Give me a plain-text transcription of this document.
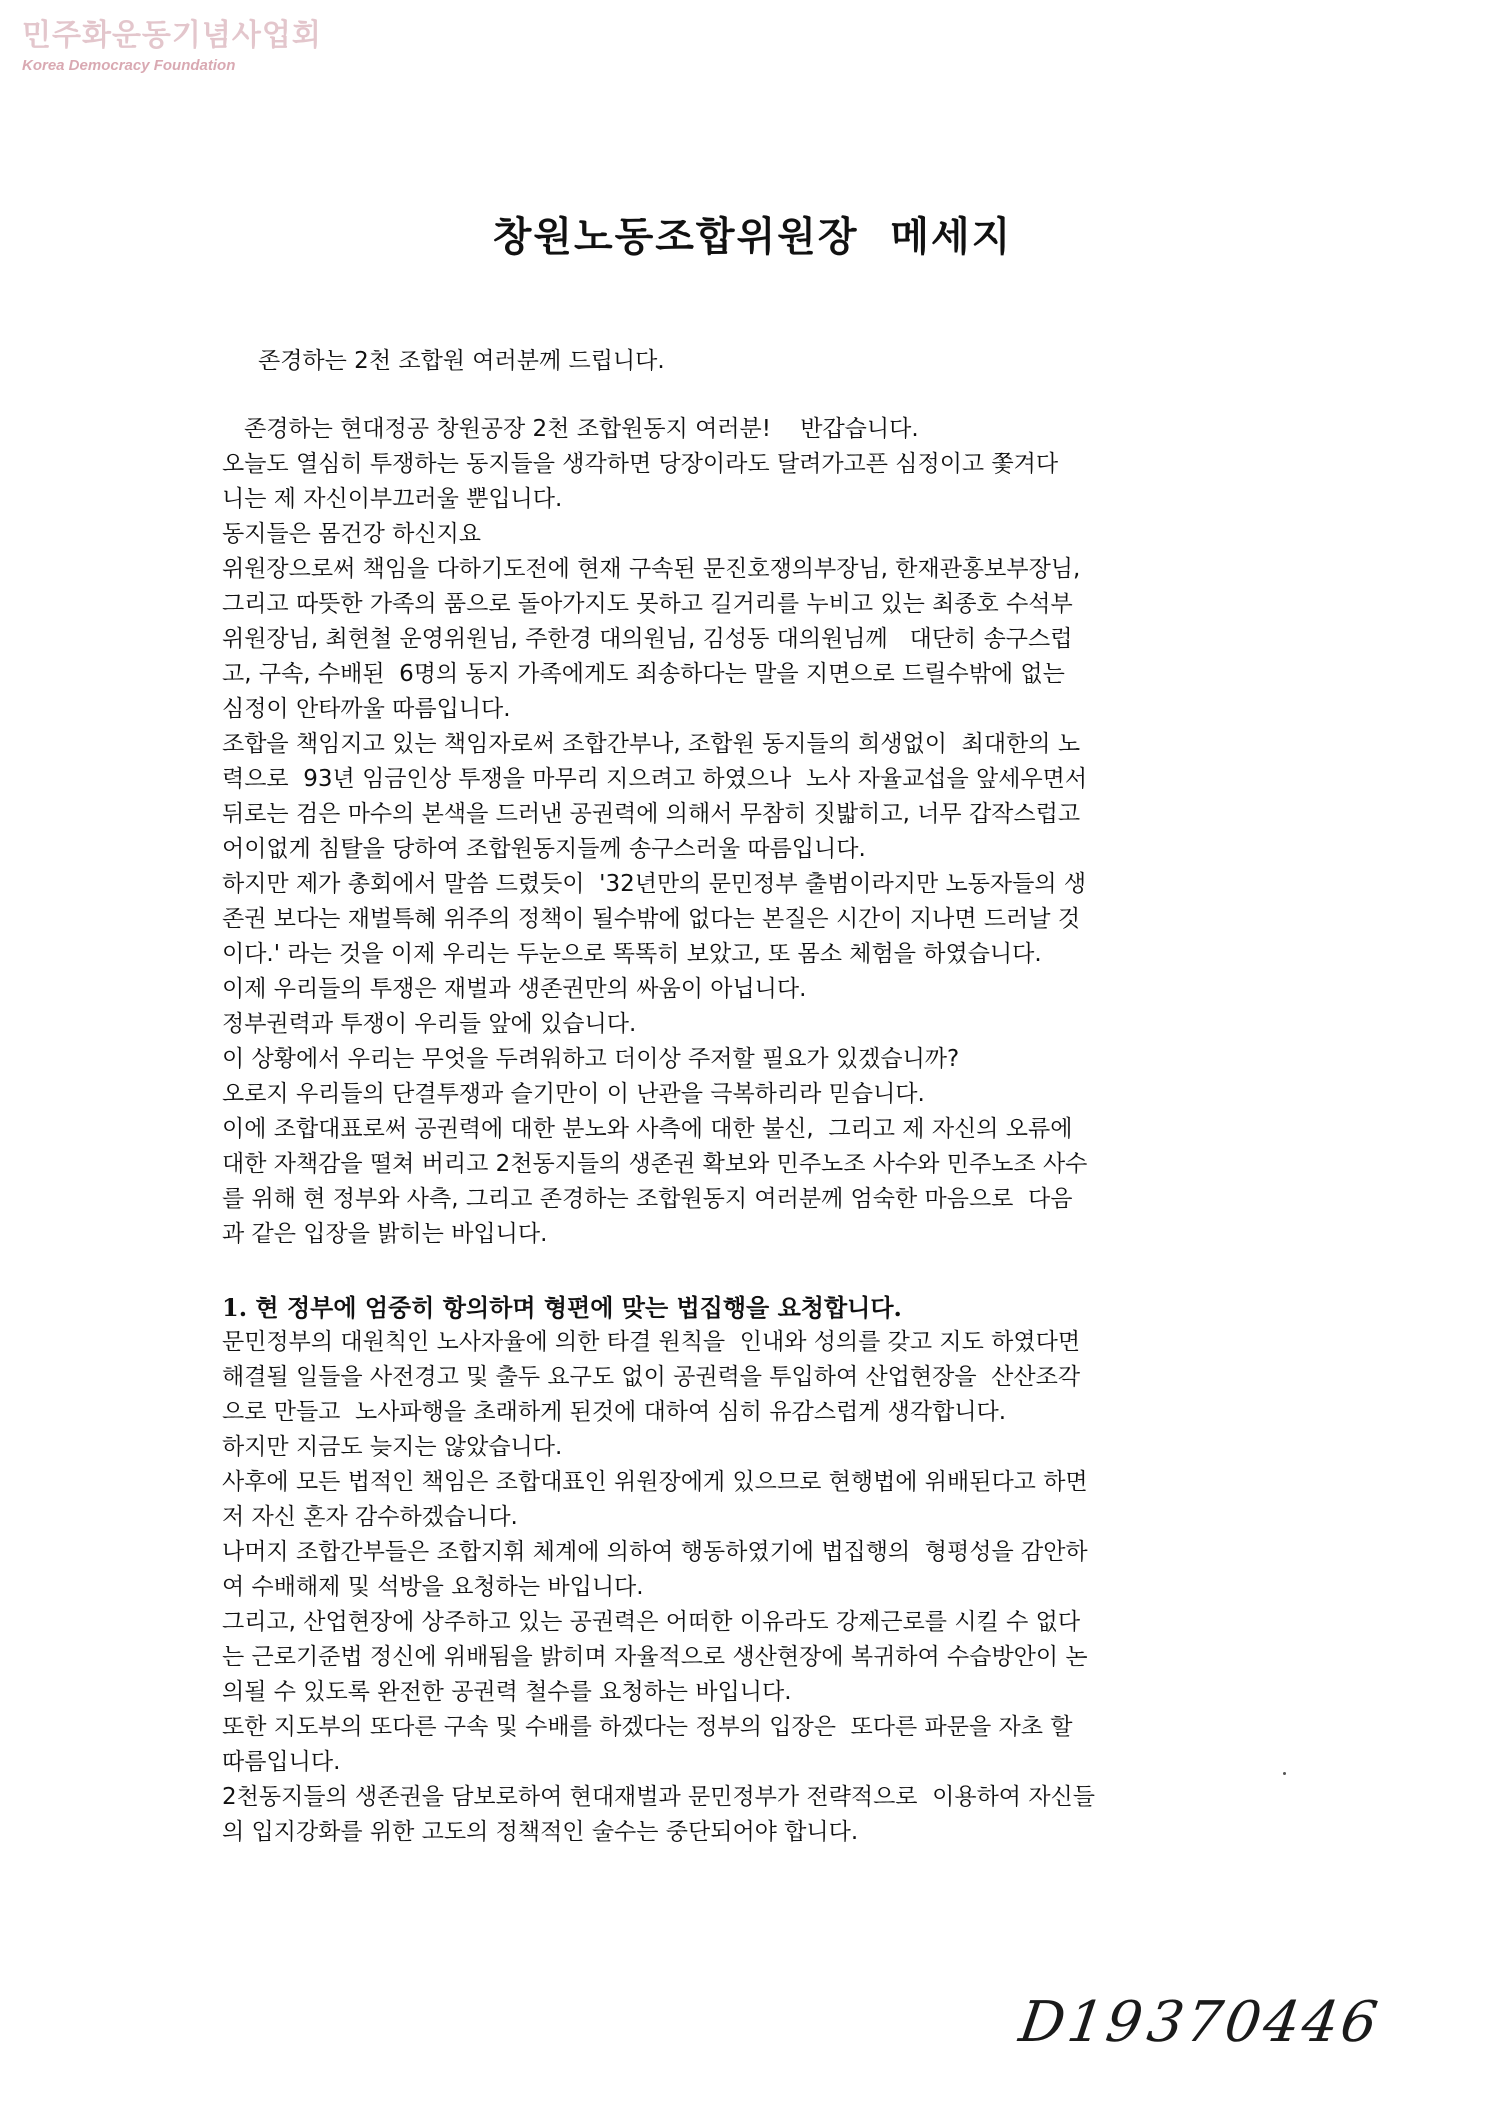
민주화운동기념사업회
Korea Democracy Foundation
창원노동조합위원장  메세지
존경하는 2천 조합원 여러분께 드립니다.
존경하는 현대정공 창원공장 2천 조합원동지 여러분!    반갑습니다.
오늘도 열심히 투쟁하는 동지들을 생각하면 당장이라도 달려가고픈 심정이고 쫓겨다
니는 제 자신이부끄러울 뿐입니다.
동지들은 몸건강 하신지요
위원장으로써 책임을 다하기도전에 현재 구속된 문진호쟁의부장님, 한재관홍보부장님,
그리고 따뜻한 가족의 품으로 돌아가지도 못하고 길거리를 누비고 있는 최종호 수석부
위원장님, 최현철 운영위원님, 주한경 대의원님, 김성동 대의원님께   대단히 송구스럽
고, 구속, 수배된  6명의 동지 가족에게도 죄송하다는 말을 지면으로 드릴수밖에 없는
심정이 안타까울 따름입니다.
조합을 책임지고 있는 책임자로써 조합간부나, 조합원 동지들의 희생없이  최대한의 노
력으로  93년 임금인상 투쟁을 마무리 지으려고 하였으나  노사 자율교섭을 앞세우면서
뒤로는 검은 마수의 본색을 드러낸 공권력에 의해서 무참히 짓밟히고, 너무 갑작스럽고
어이없게 침탈을 당하여 조합원동지들께 송구스러울 따름입니다.
하지만 제가 총회에서 말씀 드렸듯이  '32년만의 문민정부 출범이라지만 노동자들의 생
존권 보다는 재벌특혜 위주의 정책이 될수밖에 없다는 본질은 시간이 지나면 드러날 것
이다.' 라는 것을 이제 우리는 두눈으로 똑똑히 보았고, 또 몸소 체험을 하였습니다.
이제 우리들의 투쟁은 재벌과 생존권만의 싸움이 아닙니다.
정부권력과 투쟁이 우리들 앞에 있습니다.
이 상황에서 우리는 무엇을 두려워하고 더이상 주저할 필요가 있겠습니까?
오로지 우리들의 단결투쟁과 슬기만이 이 난관을 극복하리라 믿습니다.
이에 조합대표로써 공권력에 대한 분노와 사측에 대한 불신,  그리고 제 자신의 오류에
대한 자책감을 떨쳐 버리고 2천동지들의 생존권 확보와 민주노조 사수와 민주노조 사수
를 위해 현 정부와 사측, 그리고 존경하는 조합원동지 여러분께 엄숙한 마음으로  다음
과 같은 입장을 밝히는 바입니다.
1. 현 정부에 엄중히 항의하며 형편에 맞는 법집행을 요청합니다.
문민정부의 대원칙인 노사자율에 의한 타결 원칙을  인내와 성의를 갖고 지도 하였다면
해결될 일들을 사전경고 및 출두 요구도 없이 공권력을 투입하여 산업현장을  산산조각
으로 만들고  노사파행을 초래하게 된것에 대하여 심히 유감스럽게 생각합니다.
하지만 지금도 늦지는 않았습니다.
사후에 모든 법적인 책임은 조합대표인 위원장에게 있으므로 현행법에 위배된다고 하면
저 자신 혼자 감수하겠습니다.
나머지 조합간부들은 조합지휘 체계에 의하여 행동하였기에 법집행의  형평성을 감안하
여 수배해제 및 석방을 요청하는 바입니다.
그리고, 산업현장에 상주하고 있는 공권력은 어떠한 이유라도 강제근로를 시킬 수 없다
는 근로기준법 정신에 위배됨을 밝히며 자율적으로 생산현장에 복귀하여 수습방안이 논
의될 수 있도록 완전한 공권력 철수를 요청하는 바입니다.
또한 지도부의 또다른 구속 및 수배를 하겠다는 정부의 입장은  또다른 파문을 자초 할
따름입니다.
2천동지들의 생존권을 담보로하여 현대재벌과 문민정부가 전략적으로  이용하여 자신들
의 입지강화를 위한 고도의 정책적인 술수는 중단되어야 합니다.
D19
370446
